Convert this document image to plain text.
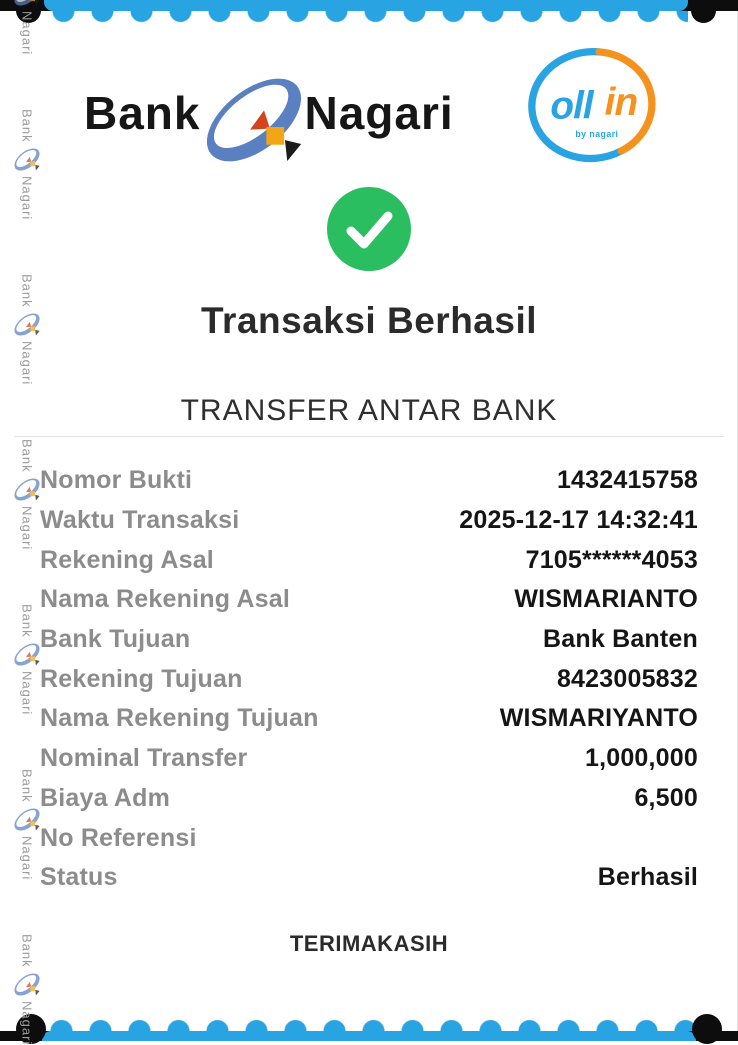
Nagari
Bank
Nagari
Bank
Nagari
Bank
Nagari
Bank
Nagari
Bank
Nagari
Bank
Nagari
Bank Nagari oll in
by nagari
Transaksi Berhasil
TRANSFER ANTAR BANK
Nomor Bukti	1432415758
Waktu Transaksi	2025-12-17 14:32:41
Rekening Asal	7105******4053
Nama Rekening Asal	WISMARIANTO
Bank Tujuan	Bank Banten
Rekening Tujuan	8423005832
Nama Rekening Tujuan	WISMARIYANTO
Nominal Transfer	1,000,000
Biaya Adm	6,500
No Referensi
Status	Berhasil
TERIMAKASIH
